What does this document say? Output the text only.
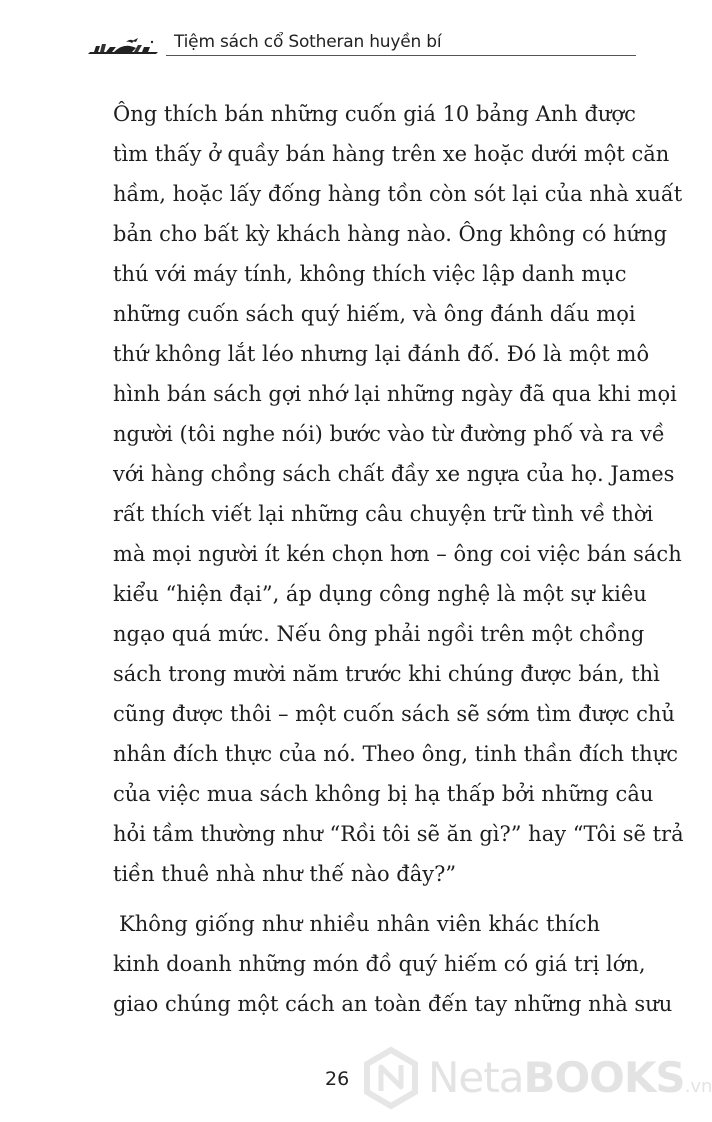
Tiệm sách cổ Sotheran huyền bí

Ông thích bán những cuốn giá 10 bảng Anh được
tìm thấy ở quầy bán hàng trên xe hoặc dưới một căn
hầm, hoặc lấy đống hàng tồn còn sót lại của nhà xuất
bản cho bất kỳ khách hàng nào. Ông không có hứng
thú với máy tính, không thích việc lập danh mục
những cuốn sách quý hiếm, và ông đánh dấu mọi
thứ không lắt léo nhưng lại đánh đố. Đó là một mô
hình bán sách gợi nhớ lại những ngày đã qua khi mọi
người (tôi nghe nói) bước vào từ đường phố và ra về
với hàng chồng sách chất đầy xe ngựa của họ. James
rất thích viết lại những câu chuyện trữ tình về thời
mà mọi người ít kén chọn hơn – ông coi việc bán sách
kiểu “hiện đại”, áp dụng công nghệ là một sự kiêu
ngạo quá mức. Nếu ông phải ngồi trên một chồng
sách trong mười năm trước khi chúng được bán, thì
cũng được thôi – một cuốn sách sẽ sớm tìm được chủ
nhân đích thực của nó. Theo ông, tinh thần đích thực
của việc mua sách không bị hạ thấp bởi những câu
hỏi tầm thường như “Rồi tôi sẽ ăn gì?” hay “Tôi sẽ trả
tiền thuê nhà như thế nào đây?”

Không giống như nhiều nhân viên khác thích
kinh doanh những món đồ quý hiếm có giá trị lớn,
giao chúng một cách an toàn đến tay những nhà sưu

26 NetaBOOKS.vn
